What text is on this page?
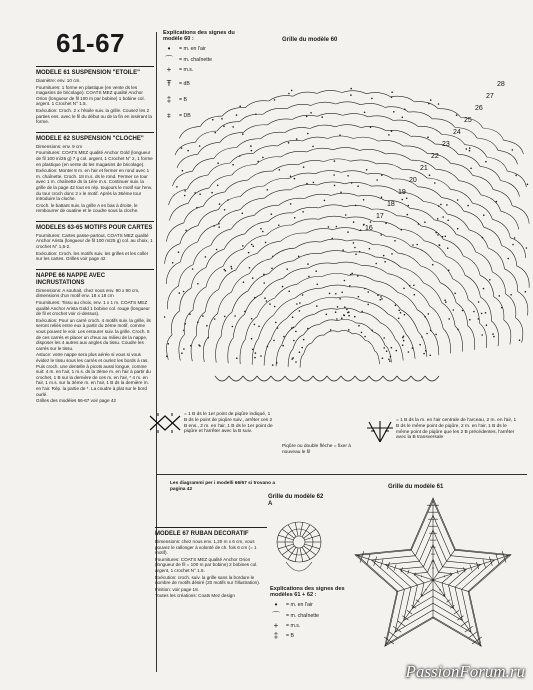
61-67
MODELE 61 SUSPENSION "ETOILE"
Diamètre: env. 10 cm.
Fournitures: 1 forme en plastique (en vente ds les magasins de bricolage). COATS MEZ qualité Anchor Orion (longueur de fil 100 m par bobine) 1 bobine col. argent. 1 Crochet N° 1.5.
Exécution: Croch. 2 x l'étoile suiv. la grille. Cousez les 2 parties ens. avec le fil du début ou de la fin en insérant la forme.
MODELE 62 SUSPENSION "CLOCHE"
Dimensions: env. 9 cm
Fournitures: COATS MEZ qualité Anchor Gold (longueur de fil 100 m/25 g) 7 g col. argent, 1 Crochet N° 2, 1 forme en plastique (en vente ds les magasins de bricolage).
Exécution: Monter 8 m. en l'air et fermer en rond avec 1 m. chaînette. Croch. 18 m.s. ds le rond. Fermer ce tour avec 1 m. chaînette ds la 1ère m.s. Continuer suiv. la grille de la page 42 tout en rép. toujours le motif sur l'env. du tour croch donc 2 x le motif. Après la 36ème tour introduire la cloche.
Croch. le battant suiv. la grille A en bas à droite, le rembourrer de ouatine et le coudre sous la cloche.
MODELES 63-65 MOTIFS POUR CARTES
Fournitures: Cartes passe-partout, COATS MEZ qualité Anchor Arista (longueur de fil 100 m/25 g) col. au choix, 1 crochet N° 1,5-2.
Exécution: Croch. les motifs suiv. les grilles et les coller sur les cartes. Grilles voir page 42
NAPPE 66 NAPPE AVEC INCRUSTATIONS
Dimensions: A souhait, chez nous env. 90 x 90 cm, dimensions d'un motif env. 18 x 18 cm
Fournitures: Tissu au choix, env. 1 x 1 m. COATS MEZ qualité Anchor Arista Gold 1 bobine col. rouge (longueur de fil et crochet voir ci-dessus).
Exécution: Pour un carré croch. 4 motifs suiv. la grille, ils seront reliés entre eux à partir du 2ème motif, comme vous pouvez le voir. Les entourer suiv. la grille. Croch. 5 de ces carrés et placer un d'eux au milieu de la nappe, disposer les 4 autres aux angles du tissu. Coudre les carrés sur le tissu.
Astuce: votre nappe sera plus aérée si vous si vous évidez le tissu sous les carrés et ourlez les bords à ras. Puis croch. une dentelle à picots aussi longue, comme suit: 4 m. en l'air, 1 m.s. ds la 3ème m. en l'air à partir du crochet, 1 B sur la dernière de ces m. en l'air, * 4 m. en l'air, 1 m.s. sur la 3ème m. en l'air, 1 B ds la dernière m. en l'air. Rép. la partie de *. La coudre à plat sur le bord ourlé.
Grilles des modèles 66-67 voir page 42
Explications des signes du modèle 60 :
•	= m. en l'air
⌒	= m. chaînette
+	= m.s.
Ŧ	= dB
‡	= B
⧧	= DB
Grille du modèle 60
16
17
18
19
20
21
22
23
24
25
26
27
28
= 1 B ds le 1er point de piqûre indiqué, 1 B ds le point de piqûre suiv., arrêter ces 2 B ens., 2 m. en l'air, 1 B ds le 1er point de piqûre et l'arrêter avec la B suiv.
Piqûre ou double flèche = fixer à nouveau le fil
= 1 B ds la m. en l'air centrale de l'arceau, 2 m. en l'air, 1 B ds le même point de piqûre, 2 m. en l'air, 1 B ds le même point de piqûre que les 2 B précédentes, l'arrêter avec la B transversale
Les diagrammi per i modelli 66/67 si trovano a pagina 42
Grille du modèle 62 A
Grille du modèle 61
MODELE 67 RUBAN DECORATIF
Dimensions: chez nous env. 1,20 m x 6 cm, vous pouvez le rallonger à volonté de ch. fois 6 cm (= 1 motif).
Fournitures: COATS MEZ qualité Anchor Orion (longueur de fil = 100 m par bobine) 2 bobines col. argent, 1 crochet N° 1.5.
Exécution: croch. suiv. la grille sans la bordure le nombre de motifs désiré (20 motifs sur l'illustration).
Finition: voir page 18.
Toutes les créations: Coats Mez design
Explications des signes des modèles 61 + 62 :
•	= m. en l'air
⌒	= m. chaînette
+	= m.s.
‡	= B
PassionForum.ru
